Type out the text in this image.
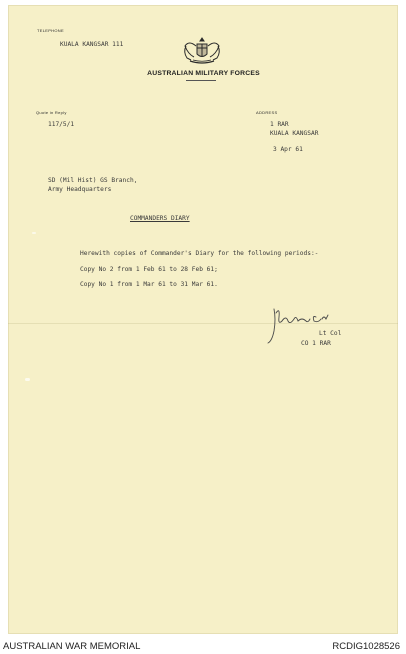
TELEPHONE
KUALA KANGSAR 111
AUSTRALIAN MILITARY FORCES
Quote in Reply
117/5/1
ADDRESS
1 RAR
KUALA KANGSAR
3 Apr 61
SD (Mil Hist) GS Branch,
Army Headquarters
COMMANDERS DIARY
Herewith copies of Commander's Diary for the following periods:-
Copy No 2 from 1 Feb 61 to 28 Feb 61;
Copy No 1 from 1 Mar 61 to 31 Mar 61.
Lt Col
CO 1 RAR
AUSTRALIAN WAR MEMORIAL	RCDIG1028526
